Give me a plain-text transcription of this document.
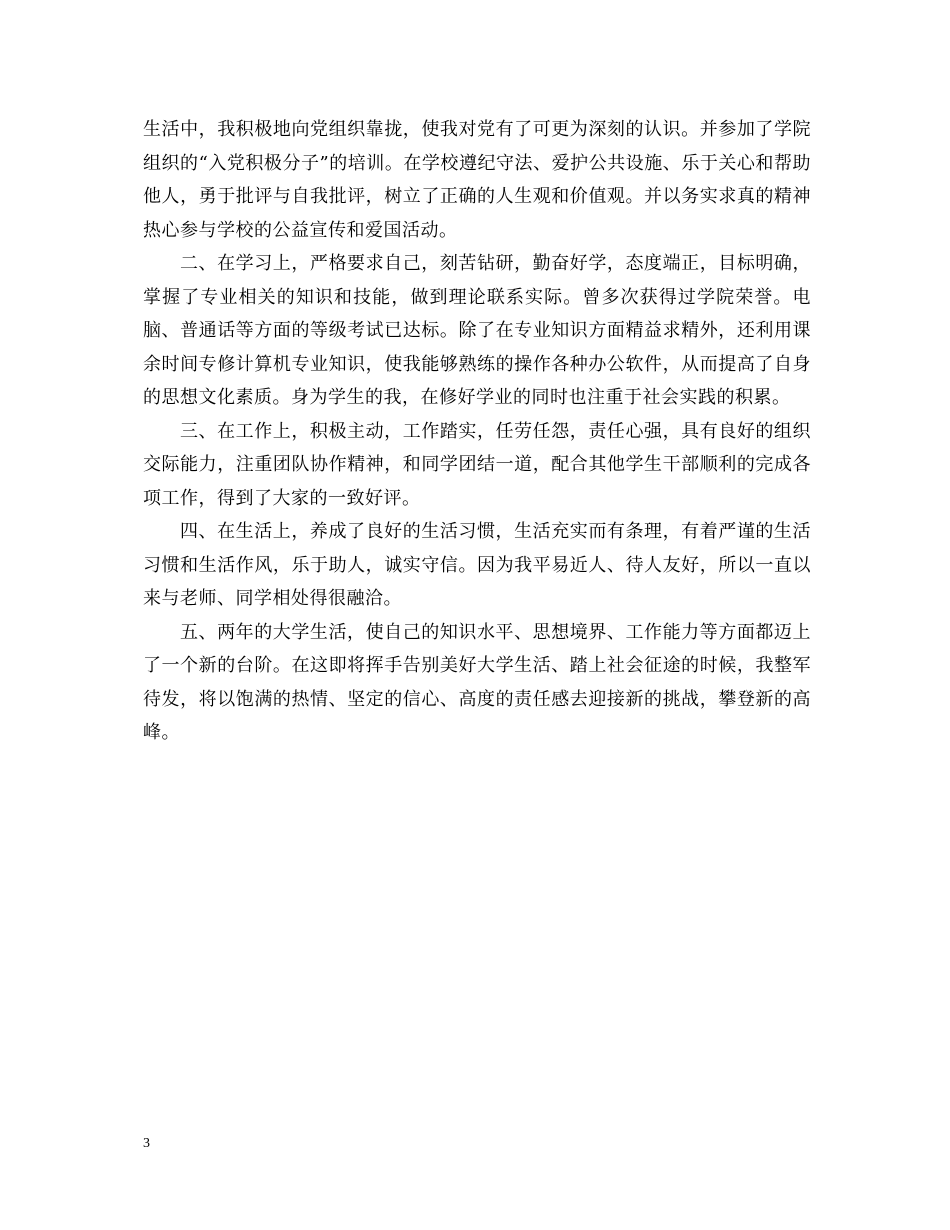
生活中，我积极地向党组织靠拢，使我对党有了可更为深刻的认识。并参加了学院组织的“入党积极分子”的培训。在学校遵纪守法、爱护公共设施、乐于关心和帮助他人，勇于批评与自我批评，树立了正确的人生观和价值观。并以务实求真的精神热心参与学校的公益宣传和爱国活动。

二、在学习上，严格要求自己，刻苦钻研，勤奋好学，态度端正，目标明确，掌握了专业相关的知识和技能，做到理论联系实际。曾多次获得过学院荣誉。电脑、普通话等方面的等级考试已达标。除了在专业知识方面精益求精外，还利用课余时间专修计算机专业知识，使我能够熟练的操作各种办公软件，从而提高了自身的思想文化素质。身为学生的我，在修好学业的同时也注重于社会实践的积累。

三、在工作上，积极主动，工作踏实，任劳任怨，责任心强，具有良好的组织交际能力，注重团队协作精神，和同学团结一道，配合其他学生干部顺利的完成各项工作，得到了大家的一致好评。

四、在生活上，养成了良好的生活习惯，生活充实而有条理，有着严谨的生活习惯和生活作风，乐于助人，诚实守信。因为我平易近人、待人友好，所以一直以来与老师、同学相处得很融洽。

五、两年的大学生活，使自己的知识水平、思想境界、工作能力等方面都迈上了一个新的台阶。在这即将挥手告别美好大学生活、踏上社会征途的时候，我整军待发，将以饱满的热情、坚定的信心、高度的责任感去迎接新的挑战，攀登新的高峰。

3
